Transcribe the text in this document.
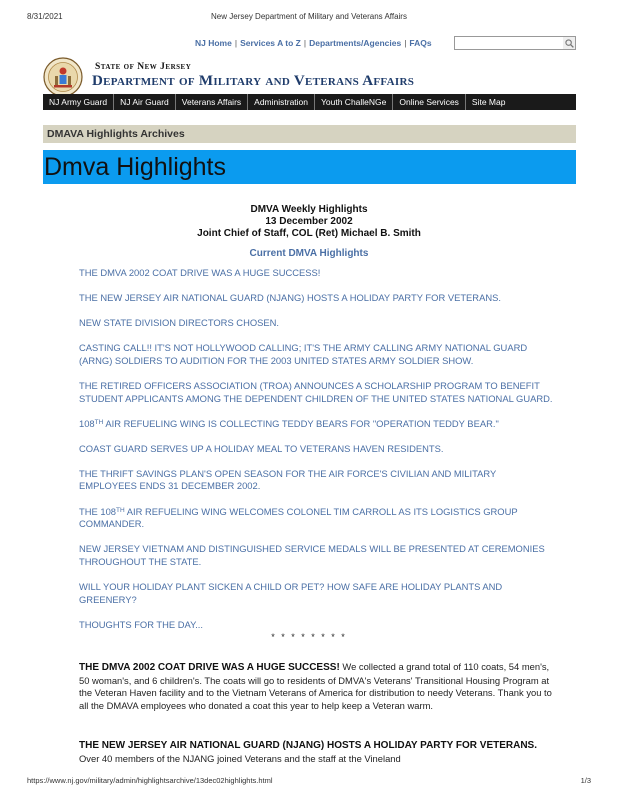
8/31/2021	New Jersey Department of Military and Veterans Affairs
NJ Home | Services A to Z | Departments/Agencies | FAQs
State of New Jersey
Department of Military and Veterans Affairs
NJ Army Guard	NJ Air Guard	Veterans Affairs	Administration	Youth ChalleNGe	Online Services	Site Map
DMAVA Highlights Archives
Dmva Highlights
DMVA Weekly Highlights
13 December 2002
Joint Chief of Staff, COL (Ret) Michael B. Smith
Current DMVA Highlights
THE DMVA 2002 COAT DRIVE WAS A HUGE SUCCESS!
THE NEW JERSEY AIR NATIONAL GUARD (NJANG) HOSTS A HOLIDAY PARTY FOR VETERANS.
NEW STATE DIVISION DIRECTORS CHOSEN.
CASTING CALL!! IT'S NOT HOLLYWOOD CALLING; IT'S THE ARMY CALLING ARMY NATIONAL GUARD (ARNG) SOLDIERS TO AUDITION FOR THE 2003 UNITED STATES ARMY SOLDIER SHOW.
THE RETIRED OFFICERS ASSOCIATION (TROA) ANNOUNCES A SCHOLARSHIP PROGRAM TO BENEFIT STUDENT APPLICANTS AMONG THE DEPENDENT CHILDREN OF THE UNITED STATES NATIONAL GUARD.
108TH AIR REFUELING WING IS COLLECTING TEDDY BEARS FOR "OPERATION TEDDY BEAR."
COAST GUARD SERVES UP A HOLIDAY MEAL TO VETERANS HAVEN RESIDENTS.
THE THRIFT SAVINGS PLAN'S OPEN SEASON FOR THE AIR FORCE'S CIVILIAN AND MILITARY EMPLOYEES ENDS 31 DECEMBER 2002.
THE 108TH AIR REFUELING WING WELCOMES COLONEL TIM CARROLL AS ITS LOGISTICS GROUP COMMANDER.
NEW JERSEY VIETNAM AND DISTINGUISHED SERVICE MEDALS WILL BE PRESENTED AT CEREMONIES THROUGHOUT THE STATE.
WILL YOUR HOLIDAY PLANT SICKEN A CHILD OR PET? HOW SAFE ARE HOLIDAY PLANTS AND GREENERY?
THOUGHTS FOR THE DAY...
* * * * * * * *
THE DMVA 2002 COAT DRIVE WAS A HUGE SUCCESS! We collected a grand total of 110 coats, 54 men's, 50 woman's, and 6 children's. The coats will go to residents of DMVA's Veterans' Transitional Housing Program at the Veteran Haven facility and to the Vietnam Veterans of America for distribution to needy Veterans. Thank you to all the DMAVA employees who donated a coat this year to help keep a Veteran warm.
THE NEW JERSEY AIR NATIONAL GUARD (NJANG) HOSTS A HOLIDAY PARTY FOR VETERANS. Over 40 members of the NJANG joined Veterans and the staff at the Vineland
https://www.nj.gov/military/admin/highlightsarchive/13dec02highlights.html	1/3
